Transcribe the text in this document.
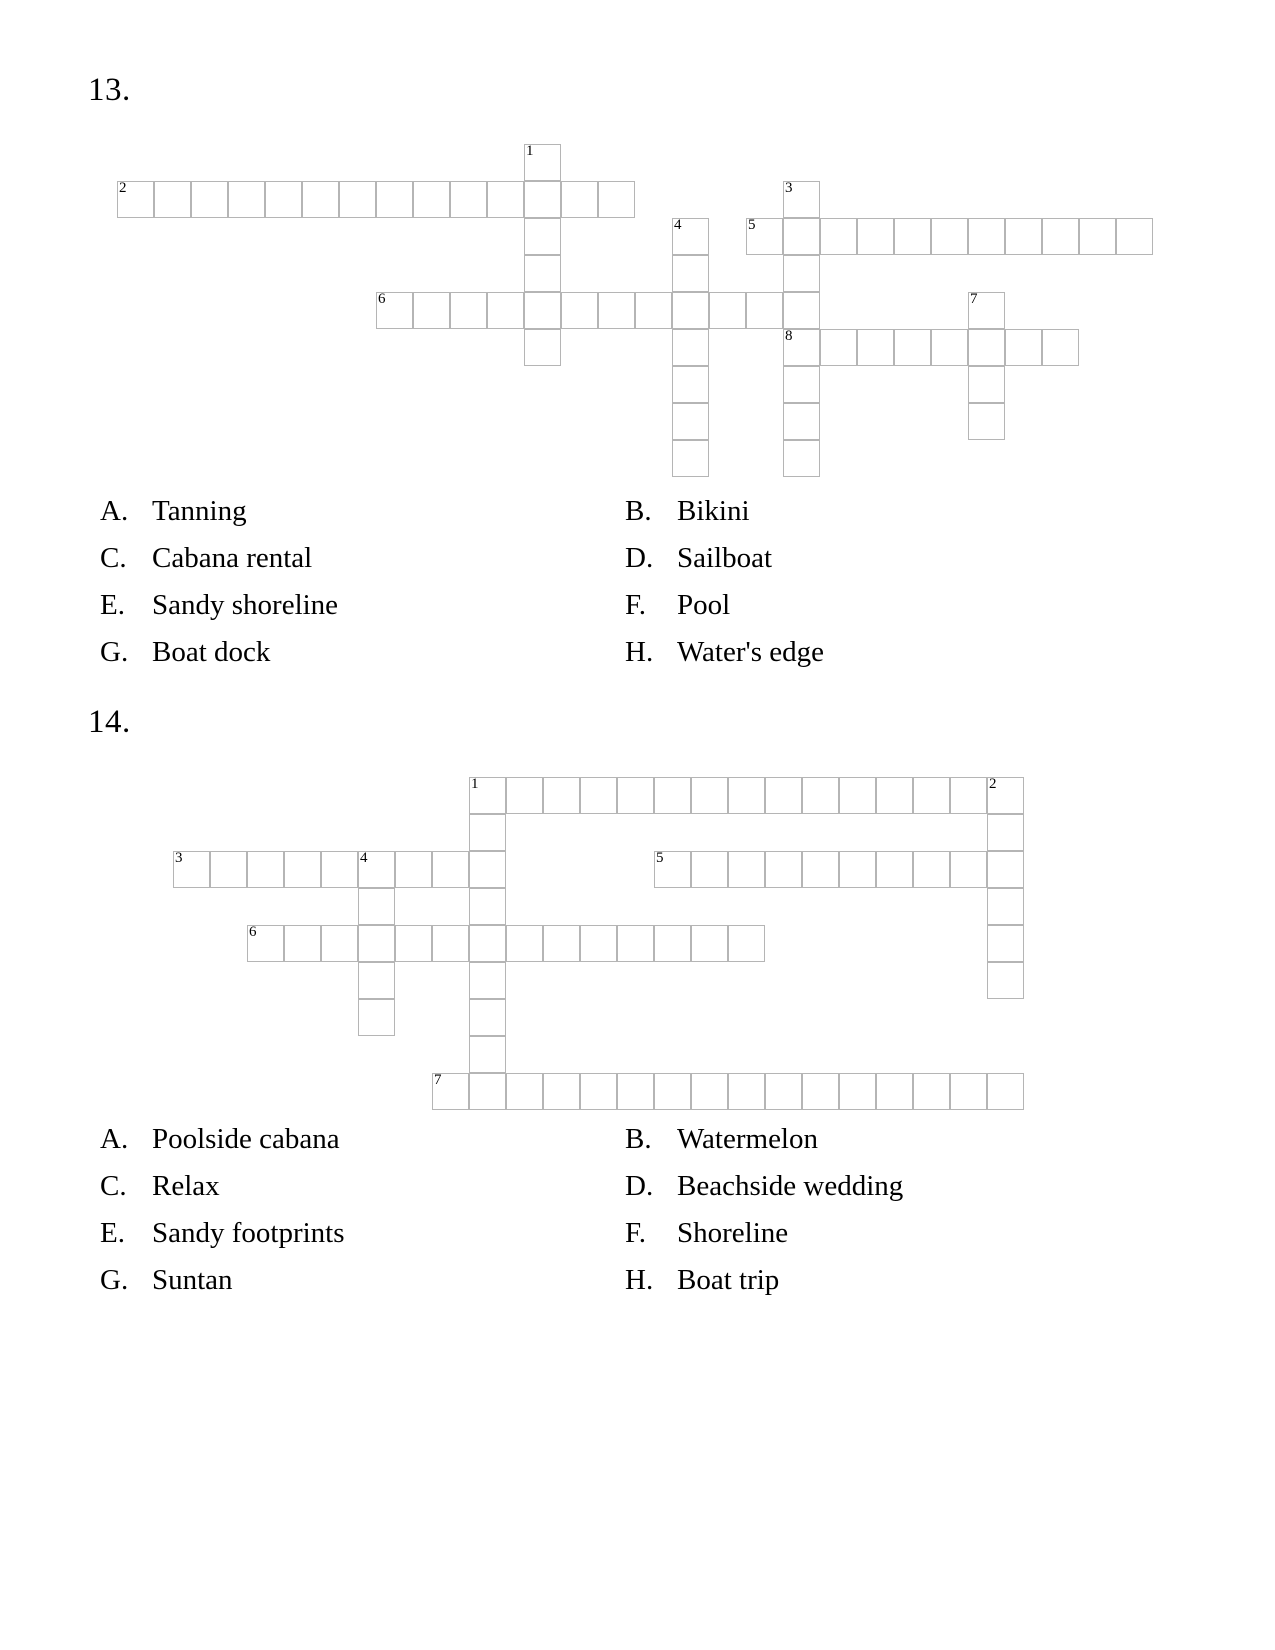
13.
1
2	3
8
4	5
6	7
A. Tanning	B. Bikini
C. Cabana rental	D. Sailboat
E. Sandy shoreline	F.	Pool
G. Boat dock	H. Water's edge
14.
1	2
3	4	5
6
7
A. Poolside cabana	B. Watermelon
C. Relax	D. Beachside wedding
E. Sandy footprints	F.	Shoreline
G. Suntan	H. Boat trip
